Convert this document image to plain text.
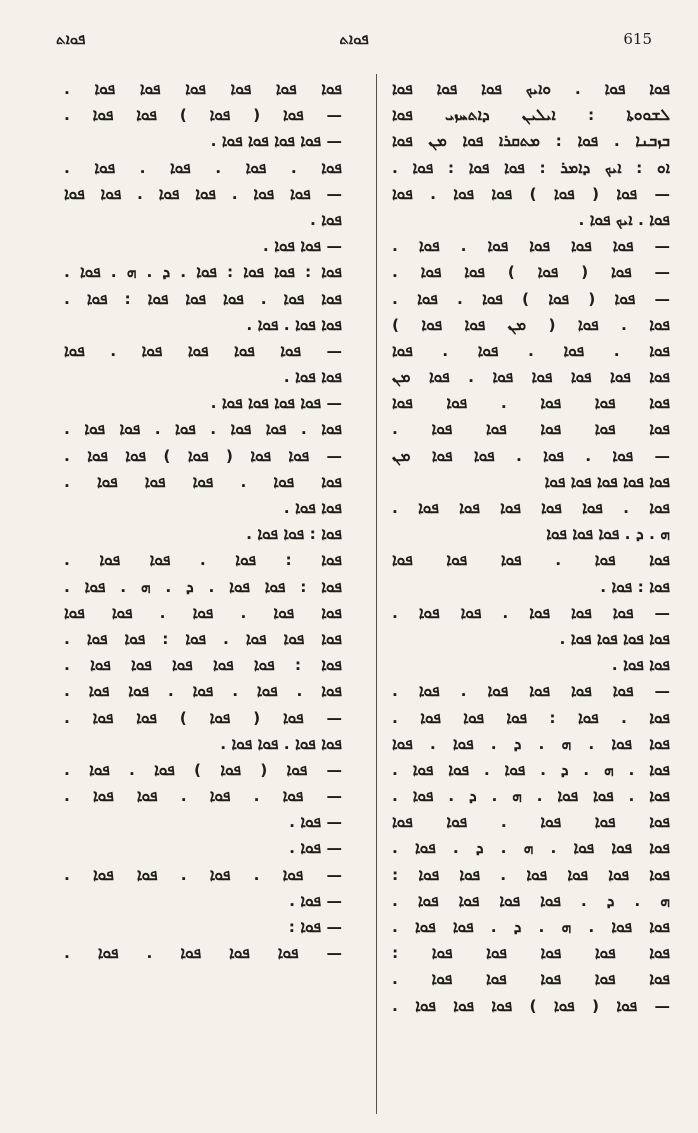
ܦܘܐܬ	ܦܘܐܬ	615
ܦܘܐ ܦܘܐ . ܘܐܝܟ ܦܘܐ ܦܘܐ ܦܘܐ
ܠܫܘܘܬܐ : ܐܝܠܝܢ ܕܐܬܚܙܝ ܦܘܐ
ܒܙܒܢܐ . ܦܘܐ : ܡܬܩܪܐ ܦܘܐ ܡܢ ܦܘܐ
ܐܘ : ܐܝܟ ܕܐܡܪ : ܦܘܐ ܦܘܐ : ܦܘܐ .
— ܦܘܐ ( ܦܘܐ ) ܦܘܐ ܦܘܐ . ܦܘܐ
ܦܘܐ . ܐܝܟ ܦܘܐ .
— ܦܘܐ ܦܘܐ ܦܘܐ ܦܘܐ . ܦܘܐ .
— ܦܘܐ ( ܦܘܐ ) ܦܘܐ ܦܘܐ .
— ܦܘܐ ( ܦܘܐ ) ܦܘܐ . ܦܘܐ .
ܦܘܐ . ܦܘܐ ( ܡܢ ܦܘܐ ܦܘܐ )
ܦܘܐ . ܦܘܐ . ܦܘܐ . ܦܘܐ
ܦܘܐ ܦܘܐ ܦܘܐ ܦܘܐ ܦܘܐ . ܦܘܐ ܡܢ
ܦܘܐ ܦܘܐ ܦܘܐ . ܦܘܐ ܦܘܐ
ܦܘܐ ܦܘܐ ܦܘܐ ܦܘܐ ܦܘܐ .
— ܦܘܐ . ܦܘܐ . ܦܘܐ ܦܘܐ ܡܢ
ܦܘܐ ܦܘܐ ܦܘܐ ܦܘܐ ܦܘܐ
ܦܘܐ . ܦܘܐ ܦܘܐ ܦܘܐ ܦܘܐ ܦܘܐ .
ܗ . ܕ . ܦܘܐ ܦܘܐ ܦܘܐ
ܦܘܐ ܦܘܐ . ܦܘܐ ܦܘܐ ܦܘܐ
ܦܘܐ : ܦܘܐ .
— ܦܘܐ ܦܘܐ ܦܘܐ . ܦܘܐ ܦܘܐ .
ܦܘܐ ܦܘܐ ܦܘܐ ܦܘܐ .
ܦܘܐ ܦܘܐ .
— ܦܘܐ ܦܘܐ ܦܘܐ ܦܘܐ . ܦܘܐ .
ܦܘܐ . ܦܘܐ : ܦܘܐ ܦܘܐ ܦܘܐ .
ܦܘܐ ܦܘܐ . ܗ . ܕ . ܦܘܐ . ܦܘܐ
ܦܘܐ . ܗ . ܕ . ܦܘܐ . ܦܘܐ ܦܘܐ .
ܦܘܐ . ܦܘܐ ܦܘܐ . ܗ . ܕ . ܦܘܐ .
ܦܘܐ ܦܘܐ ܦܘܐ . ܦܘܐ ܦܘܐ
ܦܘܐ ܦܘܐ ܦܘܐ . ܗ . ܕ . ܦܘܐ .
ܦܘܐ ܦܘܐ ܦܘܐ ܦܘܐ . ܦܘܐ ܦܘܐ :
ܗ . ܕ . ܦܘܐ ܦܘܐ ܦܘܐ ܦܘܐ .
ܦܘܐ ܦܘܐ . ܗ . ܕ . ܦܘܐ ܦܘܐ .
ܦܘܐ ܦܘܐ ܦܘܐ ܦܘܐ ܦܘܐ :
ܦܘܐ ܦܘܐ ܦܘܐ ܦܘܐ ܦܘܐ .
— ܦܘܐ ( ܦܘܐ ) ܦܘܐ ܦܘܐ ܦܘܐ .
ܦܘܐ ܦܘܐ ܦܘܐ ܦܘܐ ܦܘܐ ܦܘܐ .
— ܦܘܐ ( ܦܘܐ ) ܦܘܐ ܦܘܐ .
— ܦܘܐ ܦܘܐ ܦܘܐ ܦܘܐ .
ܦܘܐ . ܦܘܐ . ܦܘܐ . ܦܘܐ .
— ܦܘܐ ܦܘܐ . ܦܘܐ ܦܘܐ . ܦܘܐ ܦܘܐ
ܦܘܐ .
— ܦܘܐ ܦܘܐ .
ܦܘܐ : ܦܘܐ ܦܘܐ : ܦܘܐ . ܕ . ܗ . ܦܘܐ .
ܦܘܐ ܦܘܐ . ܦܘܐ ܦܘܐ ܦܘܐ : ܦܘܐ .
ܦܘܐ ܦܘܐ . ܦܘܐ .
— ܦܘܐ ܦܘܐ ܦܘܐ ܦܘܐ . ܦܘܐ
ܦܘܐ ܦܘܐ .
— ܦܘܐ ܦܘܐ ܦܘܐ ܦܘܐ .
ܦܘܐ . ܦܘܐ ܦܘܐ . ܦܘܐ . ܦܘܐ ܦܘܐ .
— ܦܘܐ ܦܘܐ ( ܦܘܐ ) ܦܘܐ ܦܘܐ .
ܦܘܐ ܦܘܐ . ܦܘܐ ܦܘܐ ܦܘܐ .
ܦܘܐ ܦܘܐ .
ܦܘܐ : ܦܘܐ ܦܘܐ .
ܦܘܐ : ܦܘܐ . ܦܘܐ ܦܘܐ .
ܦܘܐ : ܦܘܐ ܦܘܐ . ܕ . ܗ . ܦܘܐ .
ܦܘܐ ܦܘܐ . ܦܘܐ . ܦܘܐ ܦܘܐ
ܦܘܐ ܦܘܐ ܦܘܐ . ܦܘܐ : ܦܘܐ ܦܘܐ .
ܦܘܐ : ܦܘܐ ܦܘܐ ܦܘܐ ܦܘܐ ܦܘܐ .
ܦܘܐ . ܦܘܐ . ܦܘܐ . ܦܘܐ ܦܘܐ .
— ܦܘܐ ( ܦܘܐ ) ܦܘܐ ܦܘܐ .
ܦܘܐ ܦܘܐ . ܦܘܐ ܦܘܐ .
— ܦܘܐ ( ܦܘܐ ) ܦܘܐ . ܦܘܐ .
— ܦܘܐ . ܦܘܐ . ܦܘܐ ܦܘܐ .
— ܦܘܐ .
— ܦܘܐ .
— ܦܘܐ . ܦܘܐ . ܦܘܐ ܦܘܐ .
— ܦܘܐ .
— ܦܘܐ :
— ܦܘܐ ܦܘܐ ܦܘܐ . ܦܘܐ .
